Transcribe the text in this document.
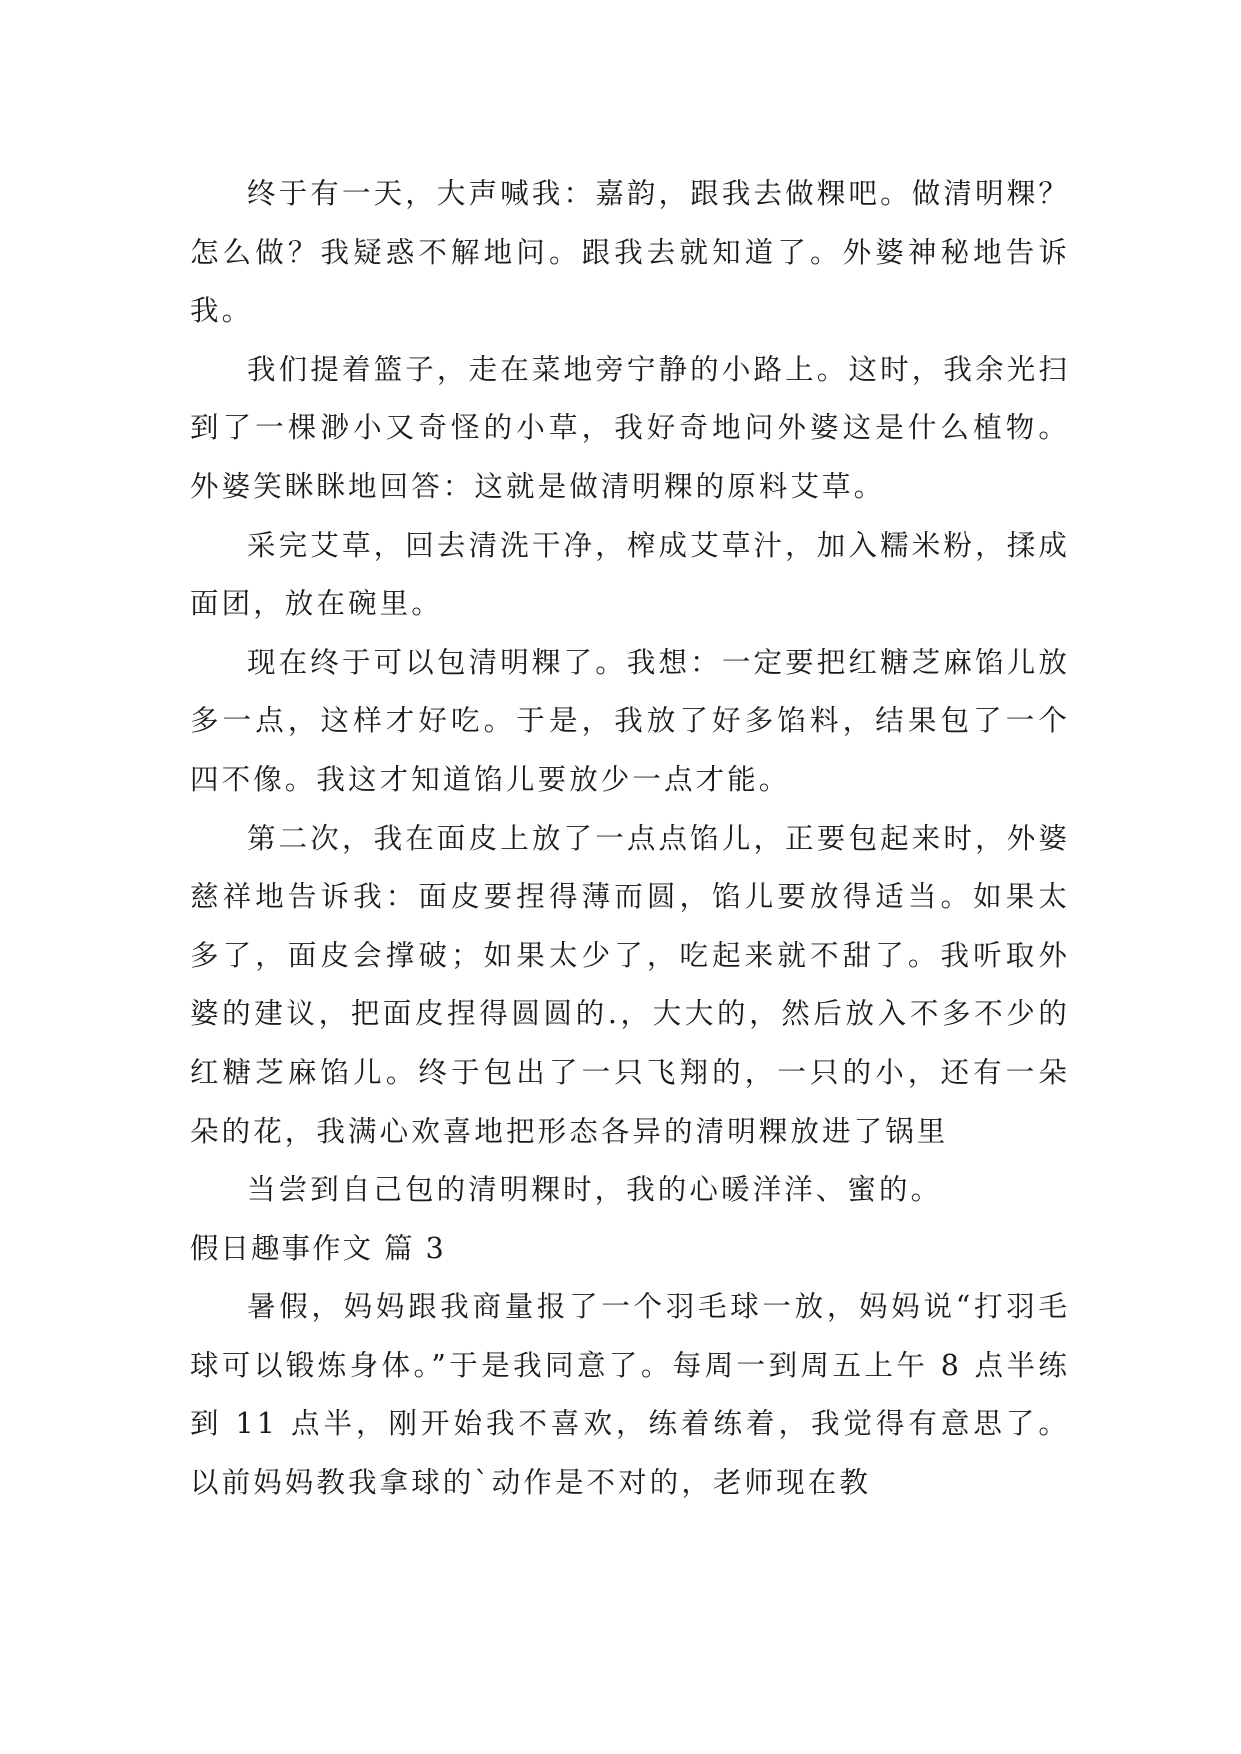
终于有一天，大声喊我：嘉韵，跟我去做粿吧。做清明粿？怎么做？我疑惑不解地问。跟我去就知道了。外婆神秘地告诉我。

我们提着篮子，走在菜地旁宁静的小路上。这时，我余光扫到了一棵渺小又奇怪的小草，我好奇地问外婆这是什么植物。外婆笑眯眯地回答：这就是做清明粿的原料艾草。

采完艾草，回去清洗干净，榨成艾草汁，加入糯米粉，揉成面团，放在碗里。

现在终于可以包清明粿了。我想：一定要把红糖芝麻馅儿放多一点，这样才好吃。于是，我放了好多馅料，结果包了一个四不像。我这才知道馅儿要放少一点才能。

第二次，我在面皮上放了一点点馅儿，正要包起来时，外婆慈祥地告诉我：面皮要捏得薄而圆，馅儿要放得适当。如果太多了，面皮会撑破；如果太少了，吃起来就不甜了。我听取外婆的建议，把面皮捏得圆圆的.，大大的，然后放入不多不少的红糖芝麻馅儿。终于包出了一只飞翔的，一只的小，还有一朵朵的花，我满心欢喜地把形态各异的清明粿放进了锅里

当尝到自己包的清明粿时，我的心暖洋洋、蜜的。

假日趣事作文 篇 3

暑假，妈妈跟我商量报了一个羽毛球一放，妈妈说“打羽毛球可以锻炼身体。”于是我同意了。每周一到周五上午 8 点半练到 11 点半，刚开始我不喜欢，练着练着，我觉得有意思了。以前妈妈教我拿球的`动作是不对的，老师现在教
